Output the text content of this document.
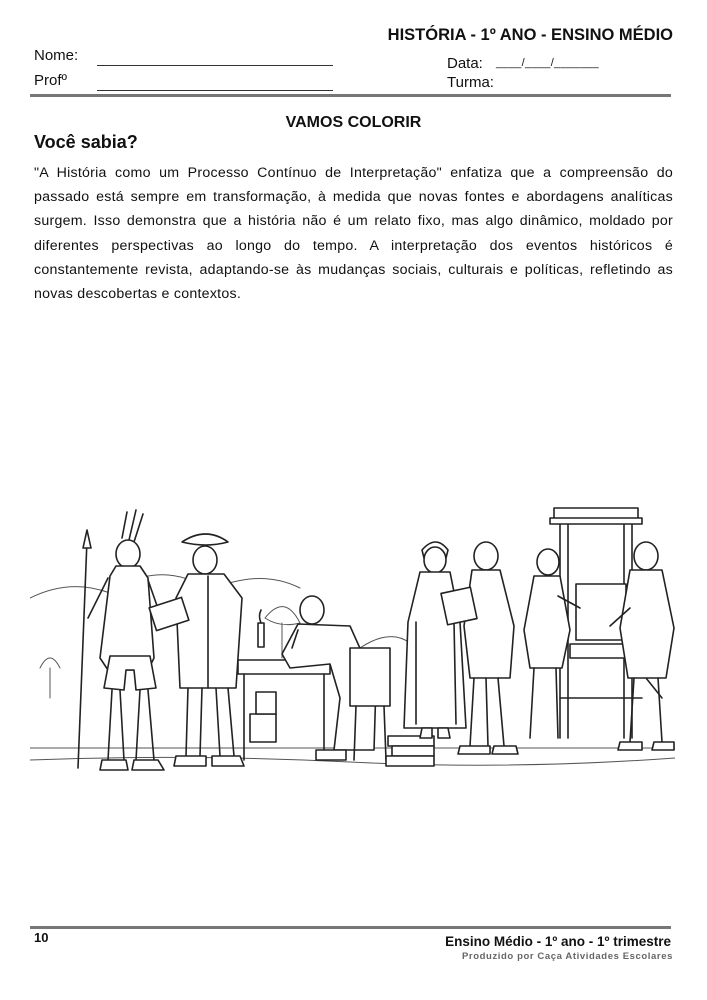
HISTÓRIA - 1º ANO - ENSINO MÉDIO
Nome:
Profº
Data: ____/____/_______
Turma:
VAMOS COLORIR
Você sabia?
"A História como um Processo Contínuo de Interpretação" enfatiza que a compreensão do passado está sempre em transformação, à medida que novas fontes e abordagens analíticas surgem. Isso demonstra que a história não é um relato fixo, mas algo dinâmico, moldado por diferentes perspectivas ao longo do tempo. A interpretação dos eventos históricos é constantemente revista, adaptando-se às mudanças sociais, culturais e políticas, refletindo as novas descobertas e contextos.
10	Ensino Médio - 1º ano - 1º trimestre
Produzido por Caça Atividades Escolares
